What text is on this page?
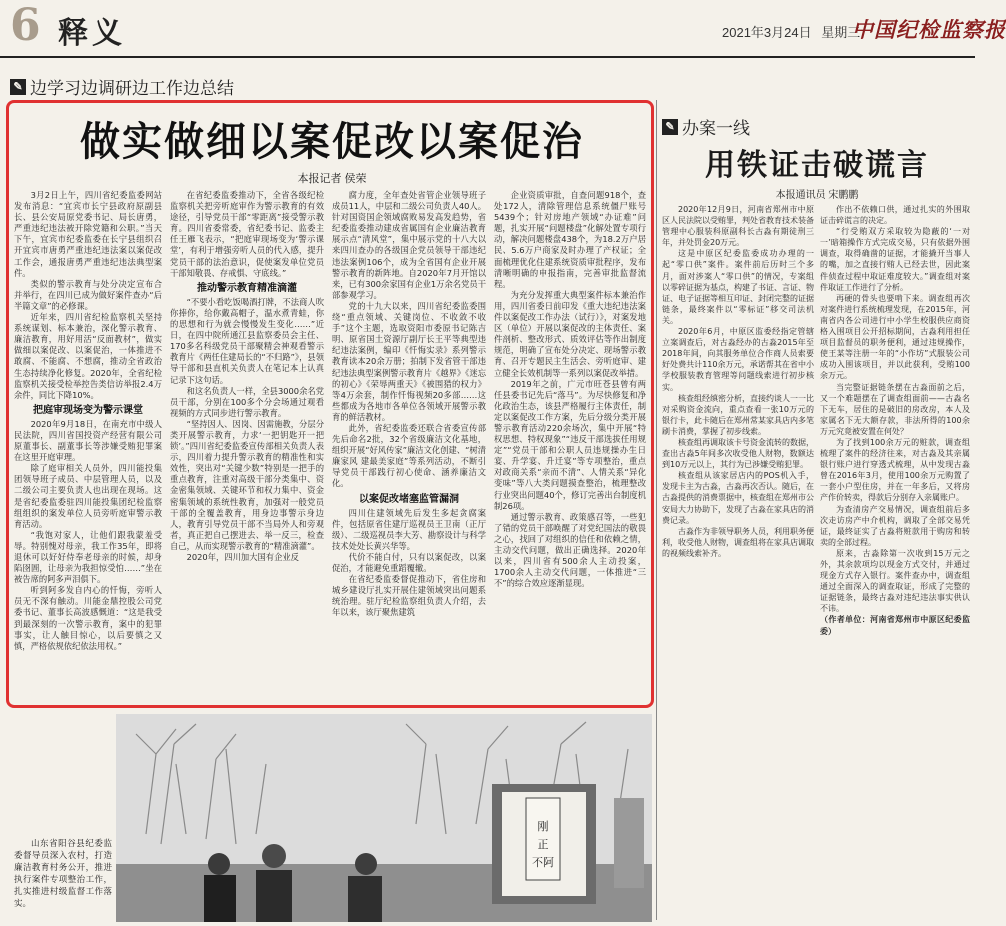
6 释义	2021年3月24日 星期三
中国纪检监察报
✎ 边学习边调研边工作边总结
做实做细以案促改以案促治
本报记者 侯荣

3月2日上午，四川省纪委监委网站发布消息：“宜宾市长宁县政府原副县长、县公安局原党委书记、局长唐勇，严重违纪违法被开除党籍和公职。”当天下午，宜宾市纪委监委在长宁县组织召开宜宾市唐勇严重违纪违法案以案促改工作会，通报唐勇严重违纪违法典型案件。

类似的警示教育与处分决定宣布合并举行，在四川已成为做好案件查办“后半篇文章”的必修课。

近年来，四川省纪检监察机关坚持系统谋划、标本兼治，深化警示教育、廉洁教育，用好用活“反面教材”，做实做细以案促改、以案促治，一体推进不敢腐、不能腐、不想腐，推动全省政治生态持续净化修复。2020年，全省纪检监察机关接受检举控告类信访举报2.4万余件，同比下降10%。

把庭审现场变为警示课堂

2020年9月18日，在南充市中级人民法院，四川省国投资产经营有限公司原董事长、副董事长等涉嫌受贿犯罪案在这里开庭审理。

除了庭审相关人员外，四川能投集团领导班子成员、中层管理人员，以及二级公司主要负责人也出现在现场。这是省纪委监委驻四川能投集团纪检监察组组织的案发单位人员旁听庭审警示教育活动。

“我饱对家人，让他们跟我蒙羞受辱。特别愧对母亲，我工作35年，即将退休可以好好侍奉老母亲的时候，却身陷囹圄，让母亲为我担惊受怕……”坐在被告席的阿多声泪俱下。

听到阿多发自内心的忏悔，旁听人员无不深有触动。川能金鼎控股公司党委书记、董事长高波感慨道：“这是我受到最深刻的一次警示教育，案中的犯罪事实，让人触目惊心，以后要慎之又慎，严格依规依纪依法用权。”

在省纪委监委推动下，全省各级纪检监察机关把旁听庭审作为警示教育的有效途径，引导党员干部“零距离”接受警示教育。四川省委常委，省纪委书记、监委主任王雁飞表示，“把庭审现场变为‘警示课堂’，有利于增强旁听人员的代入感，提升党员干部的法治意识，促使案发单位党员干部知敬畏、存戒惧、守底线。”

推动警示教育精准滴灌

“不要小看吃饭喝酒打牌，不法商人吹你捧你，给你戴高帽子，温水煮青蛙，你的思想和行为就会慢慢发生变化……”近日，在四中院所通江县监察委员会主任、170多名科级党员干部聚精会神观看警示教育片《两任住建局长的“不归路”》，县领导干部和县直机关负责人在笔记本上认真记录下这句话。

和这名负责人一样，全县3000余名党员干部，分别在100多个分会场通过观看视频的方式同步进行警示教育。

“坚持因人、因岗、因需施教，分层分类开展警示教育，力求‘一把钥匙开一把锁’。”四川省纪委监委宣传部相关负责人表示，四川着力提升警示教育的精准性和实效性，突出对“关键少数”特别是一把手的重点教育，注重对高级干部分类集中、资金密集领域、关键环节和权力集中、资金密集领域的系统性教育，加强对一般党员干部的全覆盖教育，用身边事警示身边人，教育引导党员干部不当局外人和旁观者，真正把自己摆进去、举一反三，检查自己，从而实现警示教育的“精准滴灌”。

2020年，四川加大国有企业反

腐力度，全年查处省管企业领导班子成员11人，中层和二级公司负责人40人。针对国资国企领域腐败易发高发趋势，省纪委监委推动建成省属国有企业廉洁教育展示点“清风堂”，集中展示党的十八大以来四川查办的各级国企党员领导干部违纪违法案例106个，成为全省国有企业开展警示教育的新阵地。自2020年7月开馆以来，已有300余家国有企业1万余名党员干部参观学习。

党的十九大以来，四川省纪委监委围绕“重点领域、关键岗位、不收敛不收手”这个主题，选取资阳市委原书记陈吉明、原省国土资源厅副厅长王平等典型违纪违法案例，编印《忏悔实录》系列警示教育读本20余万册；拍制下发省管干部违纪违法典型案例警示教育片《越界》《迷忘的初心》《荣辱两重天》《被围猎的权力》等4万余套，制作忏悔视频20多部……这些都成为各地市各单位各领域开展警示教育的鲜活教材。

此外，省纪委监委还联合省委宣传部先后命名2批，32个省级廉洁文化基地，组织开展“好风传家”廉洁文化创建、“树清廉家风 建最美家庭”等系列活动，不断引导党员干部践行初心使命、涵养廉洁文化。

以案促改堵塞监管漏洞

四川住建领域先后发生多起贪腐案件，包括原省住建厅巡视员王卫南（正厅级）、二级巡视员李大芳、勘察设计与科学技术处处长黄兴华等。

代价不能白付，只有以案促改，以案促治，才能避免重蹈覆辙。

在省纪委监委督促推动下，省住房和城乡建设厅扎实开展住建领域突出问题系统治理。驻厅纪检监察组负责人介绍，去年以来，该厅聚焦建筑

企业资质审批，自查问题918个，查处172人，清除管理信息系统僵尸账号5439个；针对房地产领域“办证难”问题，扎实开展“问题楼盘”化解处置专项行动，解决问题楼盘438个，为18.2万户居民、5.6万户商家及时办理了产权证；全面梳理优化住建系统资质审批程序，发布清晰明确的申报指南，完善审批监督流程。

为充分发挥重大典型案件标本兼治作用，四川省委日前印发《重大违纪违法案件以案促改工作办法（试行）》，对案发地区（单位）开展以案促改的主体责任、案件剖析、整改形式、质效评估等作出制度规范，明确了宣布处分决定、现场警示教育、召开专题民主生活会、旁听庭审、建立健全长效机制等一系列以案促改举措。

2019年之前，广元市旺苍县曾有两任县委书记先后“落马”。为尽快修复和净化政治生态，该县严格履行主体责任，制定以案促改工作方案，先后分级分类开展警示教育活动220余场次，集中开展“特权思想、特权现象”“违反干部选拔任用规定”“党员干部和公职人员违规操办生日宴、升学宴、升迁宴”等专项整治，重点对政商关系“亲而不清”、人情关系“异化变味”等八大类问题摸查整治，梳理整改行业突出问题40个，修订完善出台制度机制26项。

通过警示教育、政策感召等，一些犯了错的党员干部唤醒了对党纪国法的敬畏之心，找回了对组织的信任和依赖之情，主动交代问题，做出正确选择。2020年以来，四川省有500余人主动投案，1700余人主动交代问题，一体推进“三不”的综合效应逐渐显现。

刚
正
不阿
山东省阳谷县纪委监委督导员深入农村，打造廉洁教育村务公开，推进执行案件专项整治工作，扎实推进村级监督工作落实。
✎ 办案一线
用铁证击破谎言
本报通讯员 宋鹏鹏

2020年12月9日，河南省郑州市中原区人民法院以受贿罪，判处省教育技术装备管理中心服装科原副科长古淼有期徒刑三年，并处罚金20万元。

这是中原区纪委监委成功办理的一起“零口供”案件。案件前后历时三个多月，面对涉案人“零口供”的情况，专案组以零碎证据为基点，构建了书证、言证、物证、电子证据等相互印证、封闭完整的证据链条，最终案件以“零标证”移交司法机关。

2020年6月，中原区监委经指定管辖立案调查后，对古淼经办的古淼2015年至2018年间，向其服务单位合作商人员索要好处费共计110余万元，承诺帮其在省中小学校服装教育管理等问题线索进行初步核实。

核查组经缜密分析，直接约谈人一一比对采购资金流向，重点查看一张10万元的银行卡，此卡随后在郑州常某家具店内多笔刷卡消费，掌握了初步线索。

核查组再调取该卡号资金流转的数据，查出古淼5年间多次收受他人财物，数额达到10万元以上，其行为已涉嫌受贿犯罪。

核查组从该家居店内的POS机入手，发现卡主为古淼，古淼再次否认。随后，在古淼提供的消费票据中，核查组在郑州市公安局大力协助下，发现了古淼在家具店的消费记录。

古淼作为非领导职务人员，利用职务便利，收受他人财物，调查组将在家具店调取的视频线索补齐。

作出不依赖口供，通过扎实的外围取证击碎谎言的决定。

“行受贿双方采取较为隐蔽的‘一对一’暗箱操作方式完成交易，只有依据外围调查，取得确凿的证据，才能撬开当事人的嘴，加之直接行贿人已经去世，因此案件侦查过程中取证难度较大。”调查组对案件取证工作进行了分析。

再硬的骨头也要啃下来。调查组再次对案件进行系统梳理发现，在2015年，河南省内各公司进行中小学生校服供应商资格入围项目公开招标期间，古淼利用担任项目监督员的职务便利，通过违规操作，使王某等注册一年的“小作坊”式服装公司成功入围该项目，并以此获利，受贿100余万元。

当完整证据链条摆在古淼面前之后，又一个难题摆在了调查组面前——古淼名下无车，居住的是破旧的房改房，本人及家属名下无大额存款，非法所得的100余万元究竟被安置在何处？

为了找到100余万元的赃款，调查组梳理了案件的经济往来，对古淼及其亲属银行账户进行穿透式梳理，从中发现古淼曾在2016年3月，使用100余万元购置了一套小户型住房，并在一年多后，又将房产作价转卖，得款后分别存入亲属账户。

为查清房产交易情况，调查组前后多次走访房产中介机构，调取了全部交易凭证，最终证实了古淼将赃款用于购房和转卖的全部过程。

原来，古淼除第一次收到15万元之外，其余款项均以现金方式交付，并通过现金方式存入银行。案件查办中，调查组通过全面深入的调查取证，形成了完整的证据链条，最终古淼对违纪违法事实供认不讳。

（作者单位：河南省郑州市中原区纪委监委）
